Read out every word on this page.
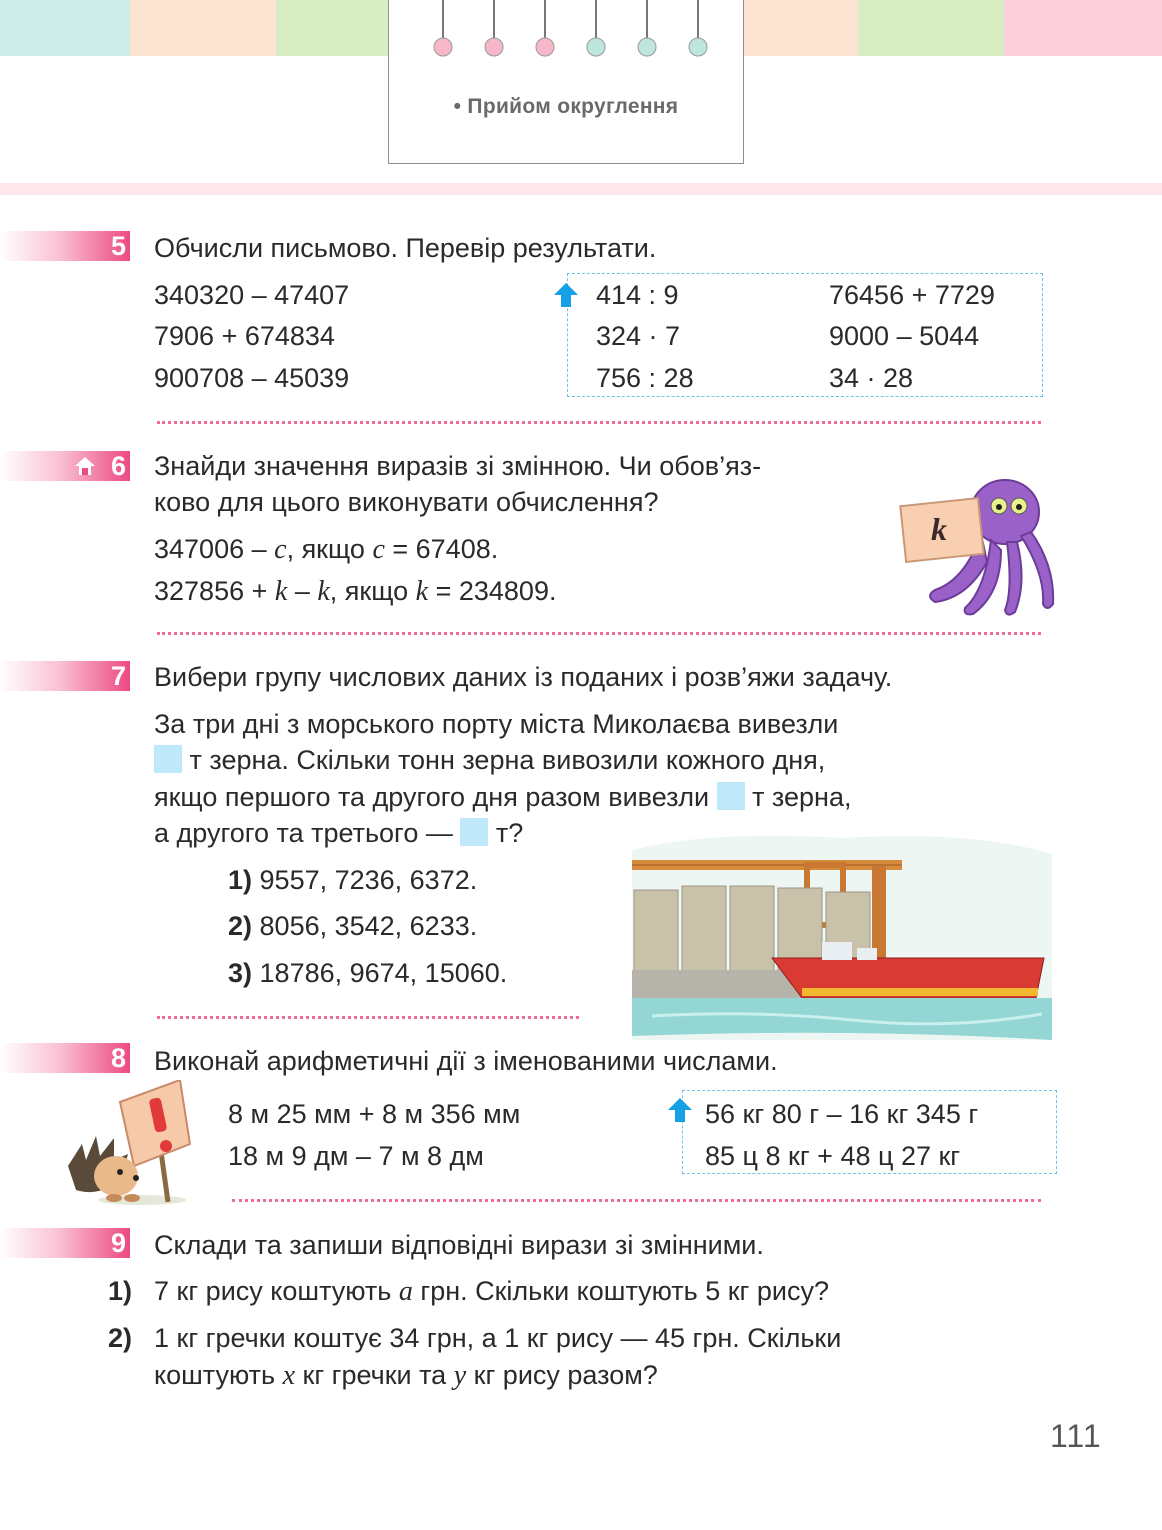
• Прийом округлення
5 Обчисли письмово. Перевір результати.
340320 – 47407
7906 + 674834
900708 – 45039
414 : 9
324 · 7
756 : 28
76456 + 7729
9000 – 5044
34 · 28
6 Знайди значення виразів зі змінною. Чи обов’яз-
ково для цього виконувати обчислення?
347006 – c, якщо c = 67408.
327856 + k – k, якщо k = 234809.
k
7 Вибери групу числових даних із поданих і розв’яжи задачу.
За три дні з морського порту міста Миколаєва вивезли
т зерна. Скільки тонн зерна вивозили кожного дня,
якщо першого та другого дня разом вивезли т зерна,
а другого та третього — т?
1) 9557, 7236, 6372.
2) 8056, 3542, 6233.
3) 18786, 9674, 15060.
8 Виконай арифметичні дії з іменованими числами.
8 м 25 мм + 8 м 356 мм
18 м 9 дм – 7 м 8 дм
56 кг 80 г – 16 кг 345 г
85 ц 8 кг + 48 ц 27 кг
9 Склади та запиши відповідні вирази зі змінними.
1) 7 кг рису коштують a грн. Скільки коштують 5 кг рису?
2) 1 кг гречки коштує 34 грн, а 1 кг рису — 45 грн. Скільки
коштують x кг гречки та y кг рису разом?
111
